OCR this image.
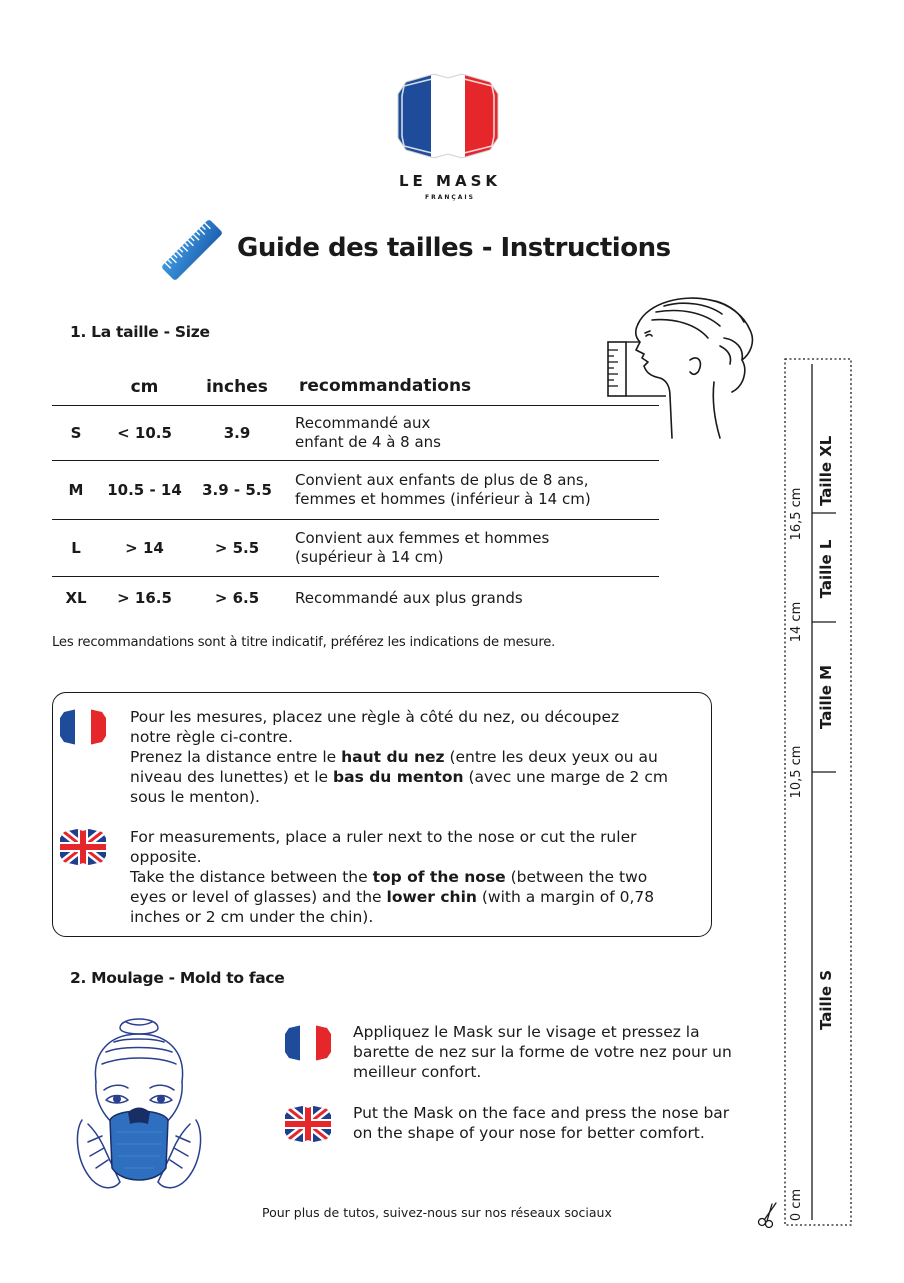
LE MASK
FRANÇAIS
Guide des tailles - Instructions
1. La taille - Size
	cm	inches	recommandations
S	< 10.5	3.9	Recommandé aux
enfant de 4 à 8 ans

M	10.5 - 14	3.9 - 5.5	Convient aux enfants de plus de 8 ans,
femmes et hommes (inférieur à 14 cm)

L	> 14	> 5.5	Convient aux femmes et hommes
(supérieur à 14 cm)

XL	> 16.5	> 6.5	Recommandé aux plus grands
Les recommandations sont à titre indicatif, préférez les indications de mesure.
Pour les mesures, placez une règle à côté du nez, ou découpez
notre règle ci-contre.
Prenez la distance entre le haut du nez (entre les deux yeux ou au
niveau des lunettes) et le bas du menton (avec une marge de 2 cm
sous le menton).
For measurements, place a ruler next to the nose or cut the ruler
opposite.
Take the distance between the top of the nose (between the two
eyes or level of glasses) and the lower chin (with a margin of 0,78
inches or 2 cm under the chin).
2. Moulage - Mold to face
Appliquez le Mask sur le visage et pressez la
barette de nez sur la forme de votre nez pour un
meilleur confort.
Put the Mask on the face and press the nose bar
on the shape of your nose for better comfort.
Pour plus de tutos, suivez-nous sur nos réseaux sociaux
Taille XL
Taille L
Taille M
Taille S
16,5 cm
14 cm
10,5 cm
0 cm
